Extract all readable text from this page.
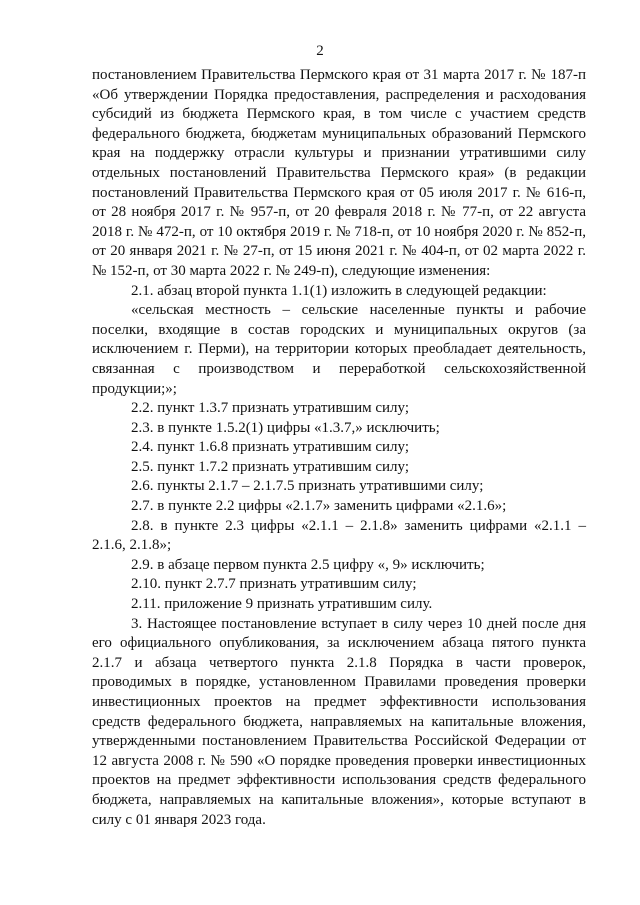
2

постановлением Правительства Пермского края от 31 марта 2017 г. № 187-п «Об утверждении Порядка предоставления, распределения и расходования субсидий из бюджета Пермского края, в том числе с участием средств федерального бюджета, бюджетам муниципальных образований Пермского края на поддержку отрасли культуры и признании утратившими силу отдельных постановлений Правительства Пермского края» (в редакции постановлений Правительства Пермского края от 05 июля 2017 г. № 616-п, от 28 ноября 2017 г. № 957-п, от 20 февраля 2018 г. № 77-п, от 22 августа 2018 г. № 472-п, от 10 октября 2019 г. № 718-п, от 10 ноября 2020 г. № 852-п, от 20 января 2021 г. № 27-п, от 15 июня 2021 г. № 404-п, от 02 марта 2022 г. № 152-п, от 30 марта 2022 г. № 249-п), следующие изменения:

2.1. абзац второй пункта 1.1(1) изложить в следующей редакции:

«сельская местность – сельские населенные пункты и рабочие поселки, входящие в состав городских и муниципальных округов (за исключением г. Перми), на территории которых преобладает деятельность, связанная с производством и переработкой сельскохозяйственной продукции;»;

2.2. пункт 1.3.7 признать утратившим силу;

2.3. в пункте 1.5.2(1) цифры «1.3.7,» исключить;

2.4. пункт 1.6.8 признать утратившим силу;

2.5. пункт 1.7.2 признать утратившим силу;

2.6. пункты 2.1.7 – 2.1.7.5 признать утратившими силу;

2.7. в пункте 2.2 цифры «2.1.7» заменить цифрами «2.1.6»;

2.8. в пункте 2.3 цифры «2.1.1 – 2.1.8» заменить цифрами «2.1.1 – 2.1.6, 2.1.8»;

2.9. в абзаце первом пункта 2.5 цифру «, 9» исключить;

2.10. пункт 2.7.7 признать утратившим силу;

2.11. приложение 9 признать утратившим силу.

3. Настоящее постановление вступает в силу через 10 дней после дня его официального опубликования, за исключением абзаца пятого пункта 2.1.7 и абзаца четвертого пункта 2.1.8 Порядка в части проверок, проводимых в порядке, установленном Правилами проведения проверки инвестиционных проектов на предмет эффективности использования средств федерального бюджета, направляемых на капитальные вложения, утвержденными постановлением Правительства Российской Федерации от 12 августа 2008 г. № 590 «О порядке проведения проверки инвестиционных проектов на предмет эффективности использования средств федерального бюджета, направляемых на капитальные вложения», которые вступают в силу с 01 января 2023 года.
